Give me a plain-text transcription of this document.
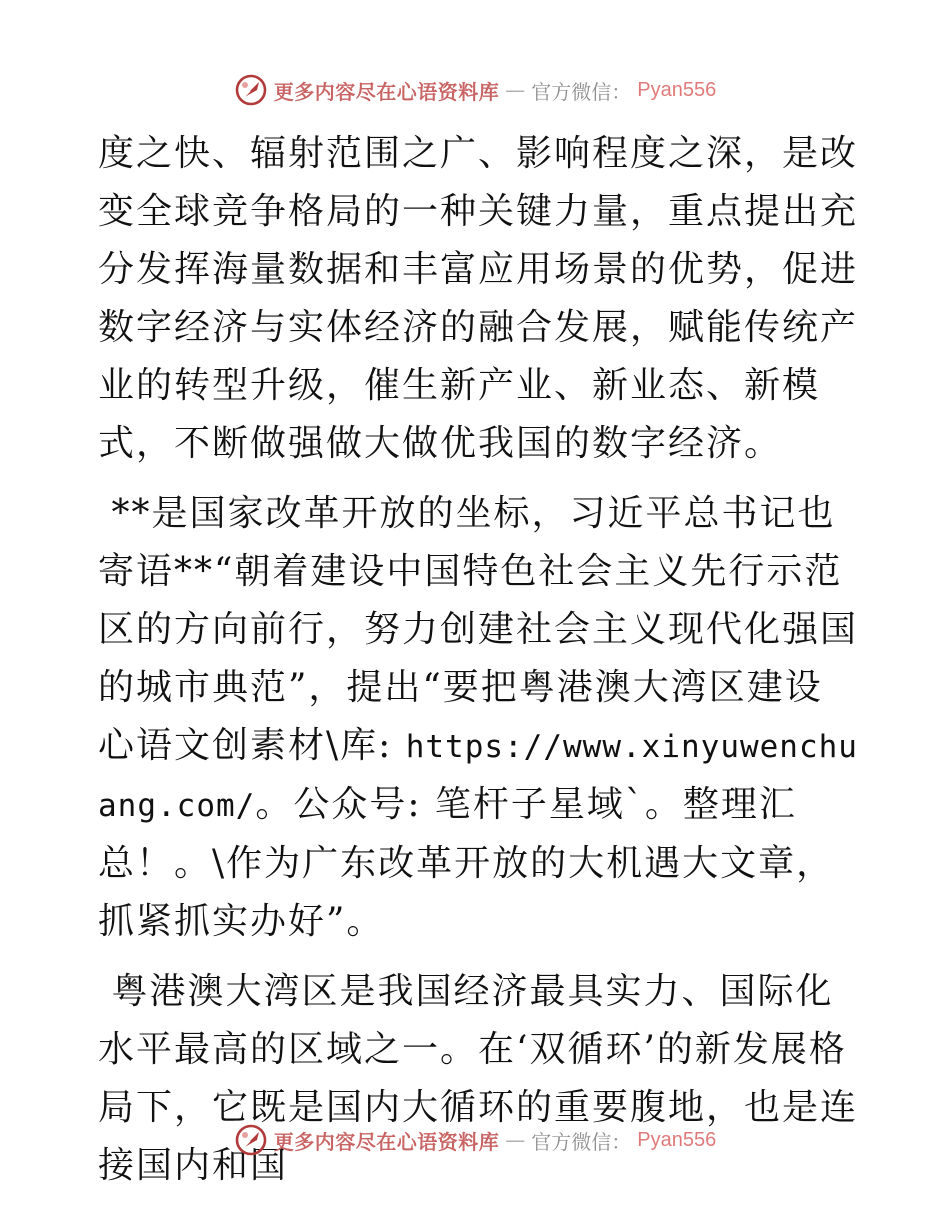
更多内容尽在心语资料库 — 官方微信： Pyan556

度之快、辐射范围之广、影响程度之深，是改变全球竞争格局的一种关键力量，重点提出充分发挥海量数据和丰富应用场景的优势，促进数字经济与实体经济的融合发展，赋能传统产业的转型升级，催生新产业、新业态、新模式，不断做强做大做优我国的数字经济。

**是国家改革开放的坐标，习近平总书记也寄语**“朝着建设中国特色社会主义先行示范区的方向前行，努力创建社会主义现代化强国的城市典范”，提出“要把粤港澳大湾区建设心语文创素材\库: https://www.xinyuwenchuang.com/。公众号: 笔杆子星域`。整理汇总！。\作为广东改革开放的大机遇大文章，抓紧抓实办好”。

粤港澳大湾区是我国经济最具实力、国际化水平最高的区域之一。在‘双循环’的新发展格局下，它既是国内大循环的重要腹地，也是连接国内和国

更多内容尽在心语资料库 — 官方微信： Pyan556
